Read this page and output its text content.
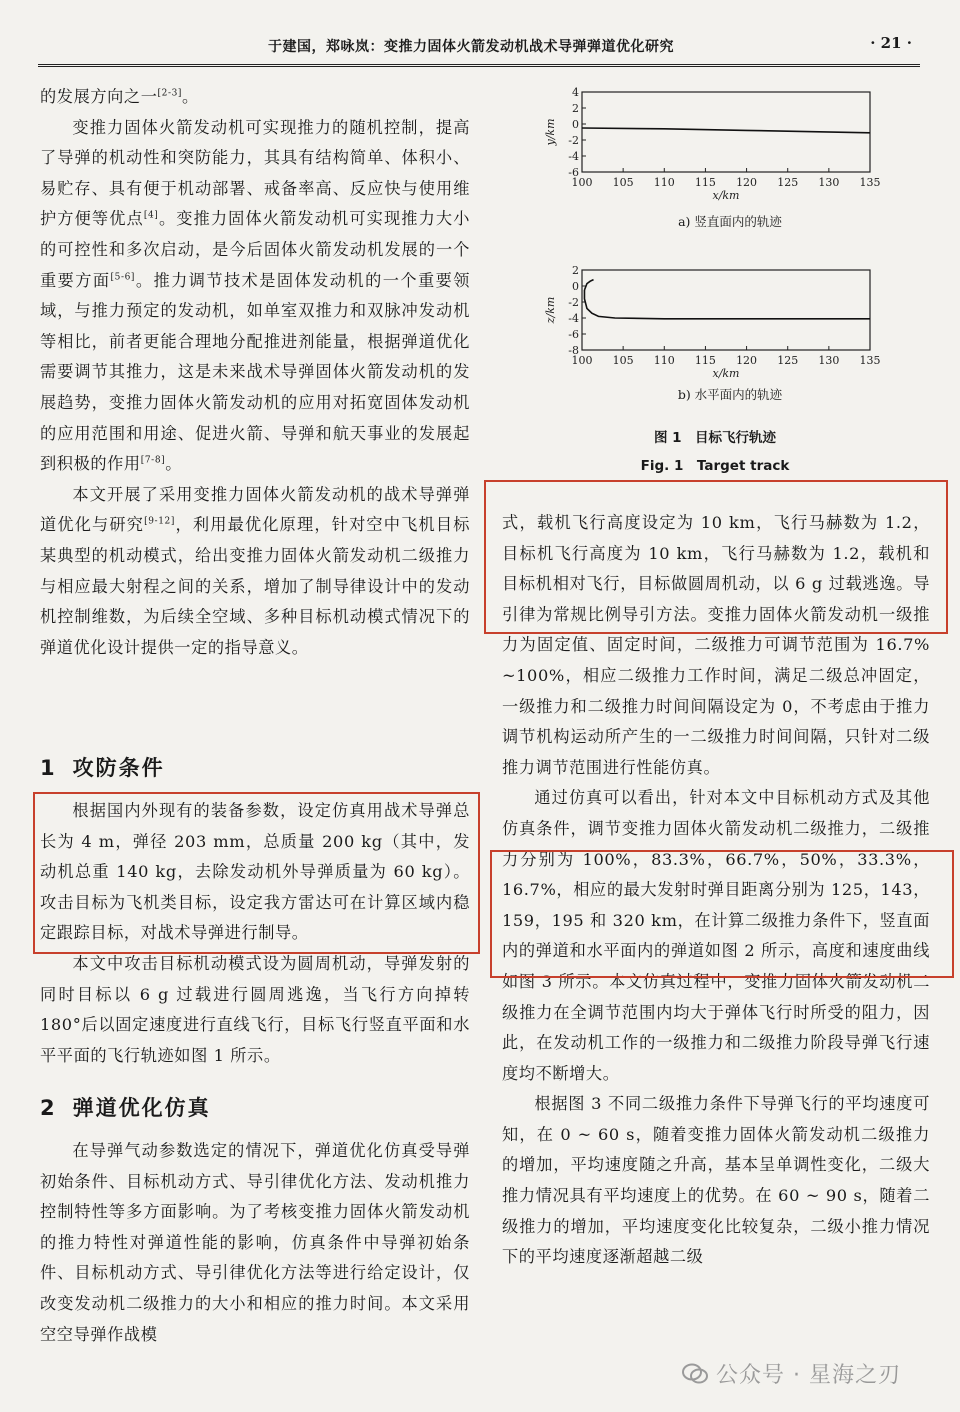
于建国，郑咏岚：变推力固体火箭发动机战术导弹弹道优化研究	· 21 ·

的发展方向之一[2-3]。

变推力固体火箭发动机可实现推力的随机控制，提高了导弹的机动性和突防能力，其具有结构简单、体积小、易贮存、具有便于机动部署、戒备率高、反应快与使用维护方便等优点[4]。变推力固体火箭发动机可实现推力大小的可控性和多次启动，是今后固体火箭发动机发展的一个重要方面[5-6]。推力调节技术是固体发动机的一个重要领域，与推力预定的发动机，如单室双推力和双脉冲发动机等相比，前者更能合理地分配推进剂能量，根据弹道优化需要调节其推力，这是未来战术导弹固体火箭发动机的发展趋势，变推力固体火箭发动机的应用对拓宽固体发动机的应用范围和用途、促进火箭、导弹和航天事业的发展起到积极的作用[7-8]。

本文开展了采用变推力固体火箭发动机的战术导弹弹道优化与研究[9-12]，利用最优化原理，针对空中飞机目标某典型的机动模式，给出变推力固体火箭发动机二级推力与相应最大射程之间的关系，增加了制导律设计中的发动机控制维数，为后续全空域、多种目标机动模式情况下的弹道优化设计提供一定的指导意义。

1 攻防条件

根据国内外现有的装备参数，设定仿真用战术导弹总长为 4 m，弹径 203 mm，总质量 200 kg（其中，发动机总重 140 kg，去除发动机外导弹质量为 60 kg）。攻击目标为飞机类目标，设定我方雷达可在计算区域内稳定跟踪目标，对战术导弹进行制导。

本文中攻击目标机动模式设为圆周机动，导弹发射的同时目标以 6 g 过载进行圆周逃逸，当飞行方向掉转 180°后以固定速度进行直线飞行，目标飞行竖直平面和水平平面的飞行轨迹如图 1 所示。

2 弹道优化仿真

在导弹气动参数选定的情况下，弹道优化仿真受导弹初始条件、目标机动方式、导引律优化方法、发动机推力控制特性等多方面影响。为了考核变推力固体火箭发动机的推力特性对弹道性能的影响，仿真条件中导弹初始条件、目标机动方式、导引律优化方法等进行给定设计，仅改变发动机二级推力的大小和相应的推力时间。本文采用空空导弹作战模

4
2
0
-2
-4
-6
100 105 110 115 120 125 130 135
x/km
y/km
a) 竖直面内的轨迹
2
0
-2
-4
-6
-8
100 105 110 115 120 125 130 135
x/km
z/km
b) 水平面内的轨迹
图 1　目标飞行轨迹
Fig. 1　Target track

式，载机飞行高度设定为 10 km，飞行马赫数为 1.2，目标机飞行高度为 10 km，飞行马赫数为 1.2，载机和目标机相对飞行，目标做圆周机动，以 6 g 过载逃逸。导引律为常规比例导引方法。变推力固体火箭发动机一级推力为固定值、固定时间，二级推力可调节范围为 16.7% ~100%，相应二级推力工作时间，满足二级总冲固定，一级推力和二级推力时间间隔设定为 0，不考虑由于推力调节机构运动所产生的一二级推力时间间隔，只针对二级推力调节范围进行性能仿真。

通过仿真可以看出，针对本文中目标机动方式及其他仿真条件，调节变推力固体火箭发动机二级推力，二级推力分别为 100%，83.3%，66.7%，50%，33.3%，16.7%，相应的最大发射时弹目距离分别为 125，143，159，195 和 320 km，在计算二级推力条件下，竖直面内的弹道和水平面内的弹道如图 2 所示，高度和速度曲线如图 3 所示。本文仿真过程中，变推力固体火箭发动机二级推力在全调节范围内均大于弹体飞行时所受的阻力，因此，在发动机工作的一级推力和二级推力阶段导弹飞行速度均不断增大。

根据图 3 不同二级推力条件下导弹飞行的平均速度可知，在 0 ~ 60 s，随着变推力固体火箭发动机二级推力的增加，平均速度随之升高，基本呈单调性变化，二级大推力情况具有平均速度上的优势。在 60 ~ 90 s，随着二级推力的增加，平均速度变化比较复杂，二级小推力情况下的平均速度逐渐超越二级

公众号 · 星海之刃
